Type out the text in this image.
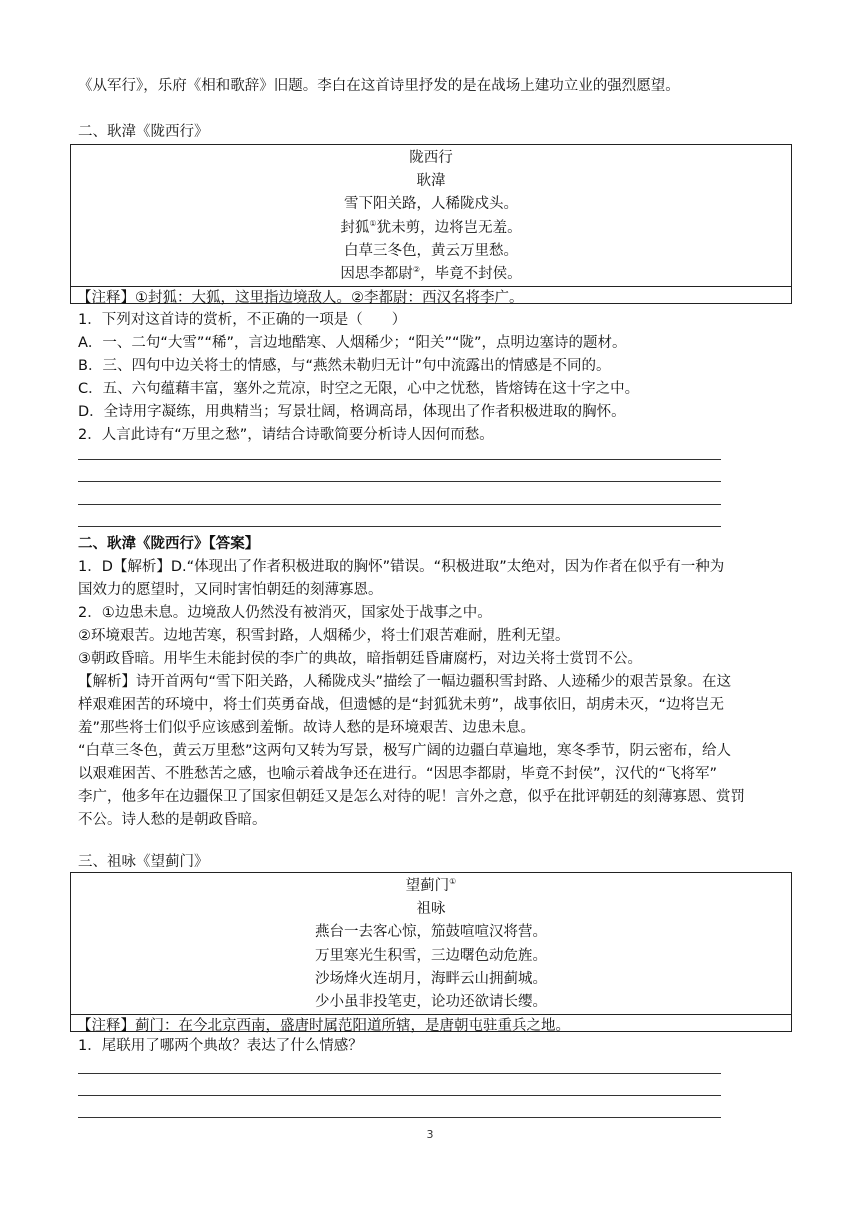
《从军行》，乐府《相和歌辞》旧题。李白在这首诗里抒发的是在战场上建功立业的强烈愿望。
二、耿湋《陇西行》
陇西行
耿湋
雪下阳关路，人稀陇戍头。
封狐①犹未剪，边将岂无羞。
白草三冬色，黄云万里愁。
因思李都尉②，毕竟不封侯。
【注释】①封狐：大狐，这里指边境敌人。②李都尉：西汉名将李广。
1．下列对这首诗的赏析，不正确的一项是（　　）
A．一、二句“大雪”“稀”，言边地酷寒、人烟稀少；“阳关”“陇”，点明边塞诗的题材。
B．三、四句中边关将士的情感，与“燕然未勒归无计”句中流露出的情感是不同的。
C．五、六句蕴藉丰富，塞外之荒凉，时空之无限，心中之忧愁，皆熔铸在这十字之中。
D．全诗用字凝练，用典精当；写景壮阔，格调高昂，体现出了作者积极进取的胸怀。
2．人言此诗有“万里之愁”，请结合诗歌简要分析诗人因何而愁。
二、耿湋《陇西行》【答案】
1．D【解析】D.“体现出了作者积极进取的胸怀”错误。“积极进取”太绝对，因为作者在似乎有一种为
国效力的愿望时，又同时害怕朝廷的刻薄寡恩。
2．①边患未息。边境敌人仍然没有被消灭，国家处于战事之中。
②环境艰苦。边地苦寒，积雪封路，人烟稀少，将士们艰苦难耐，胜利无望。
③朝政昏暗。用毕生未能封侯的李广的典故，暗指朝廷昏庸腐朽，对边关将士赏罚不公。
【解析】诗开首两句“雪下阳关路，人稀陇戍头”描绘了一幅边疆积雪封路、人迹稀少的艰苦景象。在这
样艰难困苦的环境中，将士们英勇奋战，但遗憾的是“封狐犹未剪”，战事依旧，胡虏未灭，“边将岂无
羞”那些将士们似乎应该感到羞惭。故诗人愁的是环境艰苦、边患未息。
“白草三冬色，黄云万里愁”这两句又转为写景，极写广阔的边疆白草遍地，寒冬季节，阴云密布，给人
以艰难困苦、不胜愁苦之感，也喻示着战争还在进行。“因思李都尉，毕竟不封侯”，汉代的“飞将军”
李广，他多年在边疆保卫了国家但朝廷又是怎么对待的呢！言外之意，似乎在批评朝廷的刻薄寡恩、赏罚
不公。诗人愁的是朝政昏暗。
三、祖咏《望蓟门》
望蓟门①
祖咏
燕台一去客心惊，笳鼓喧喧汉将营。
万里寒光生积雪，三边曙色动危旌。
沙场烽火连胡月，海畔云山拥蓟城。
少小虽非投笔吏，论功还欲请长缨。
【注释】蓟门：在今北京西南，盛唐时属范阳道所辖，是唐朝屯驻重兵之地。
1．尾联用了哪两个典故？表达了什么情感？
3
